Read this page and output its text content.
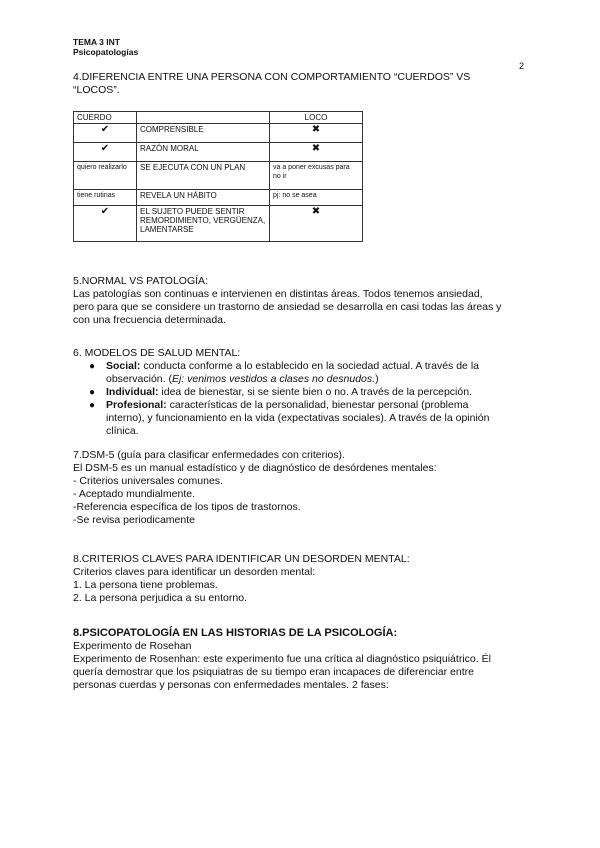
TEMA 3 INT
Psicopatologías
2
4.DIFERENCIA ENTRE UNA PERSONA CON COMPORTAMIENTO “CUERDOS” VS
“LOCOS”.
CUERDO		LOCO
✔	COMPRENSIBLE	✖
✔	RAZÓN MORAL	✖
quiero realizarlo	SE EJECUTA CON UN PLAN	va a poner excusas para no ir
tiene rutinas	REVELA UN HÁBITO	pj: no se asea
✔	EL SUJETO PUEDE SENTIR REMORDIMIENTO, VERGÜENZA, LAMENTARSE	✖
5.NORMAL VS PATOLOGÍA:
Las patologías son continuas e intervienen en distintas áreas. Todos tenemos ansiedad,
pero para que se considere un trastorno de ansiedad se desarrolla en casi todas las áreas y
con una frecuencia determinada.
6. MODELOS DE SALUD MENTAL:
● Social: conducta conforme a lo establecido en la sociedad actual. A través de la
observación. (Ej: venimos vestidos a clases no desnudos.)
● Individual: idea de bienestar, si se siente bien o no. A través de la percepción.
● Profesional: características de la personalidad, bienestar personal (problema
interno), y funcionamiento en la vida (expectativas sociales). A través de la opinión
clínica.
7.DSM-5 (guía para clasificar enfermedades con criterios).
El DSM-5 es un manual estadístico y de diagnóstico de desórdenes mentales:
- Criterios universales comunes.
- Aceptado mundialmente.
-Referencia específica de los tipos de trastornos.
-Se revisa periodicamente
8.CRITERIOS CLAVES PARA IDENTIFICAR UN DESORDEN MENTAL:
Criterios claves para identificar un desorden mental:
1. La persona tiene problemas.
2. La persona perjudica a su entorno.
8.PSICOPATOLOGÍA EN LAS HISTORIAS DE LA PSICOLOGÍA:
Experimento de Rosehan
Experimento de Rosenhan: este experimento fue una crítica al diagnóstico psiquiátrico. Él
quería demostrar que los psiquiatras de su tiempo eran incapaces de diferenciar entre
personas cuerdas y personas con enfermedades mentales. 2 fases:
